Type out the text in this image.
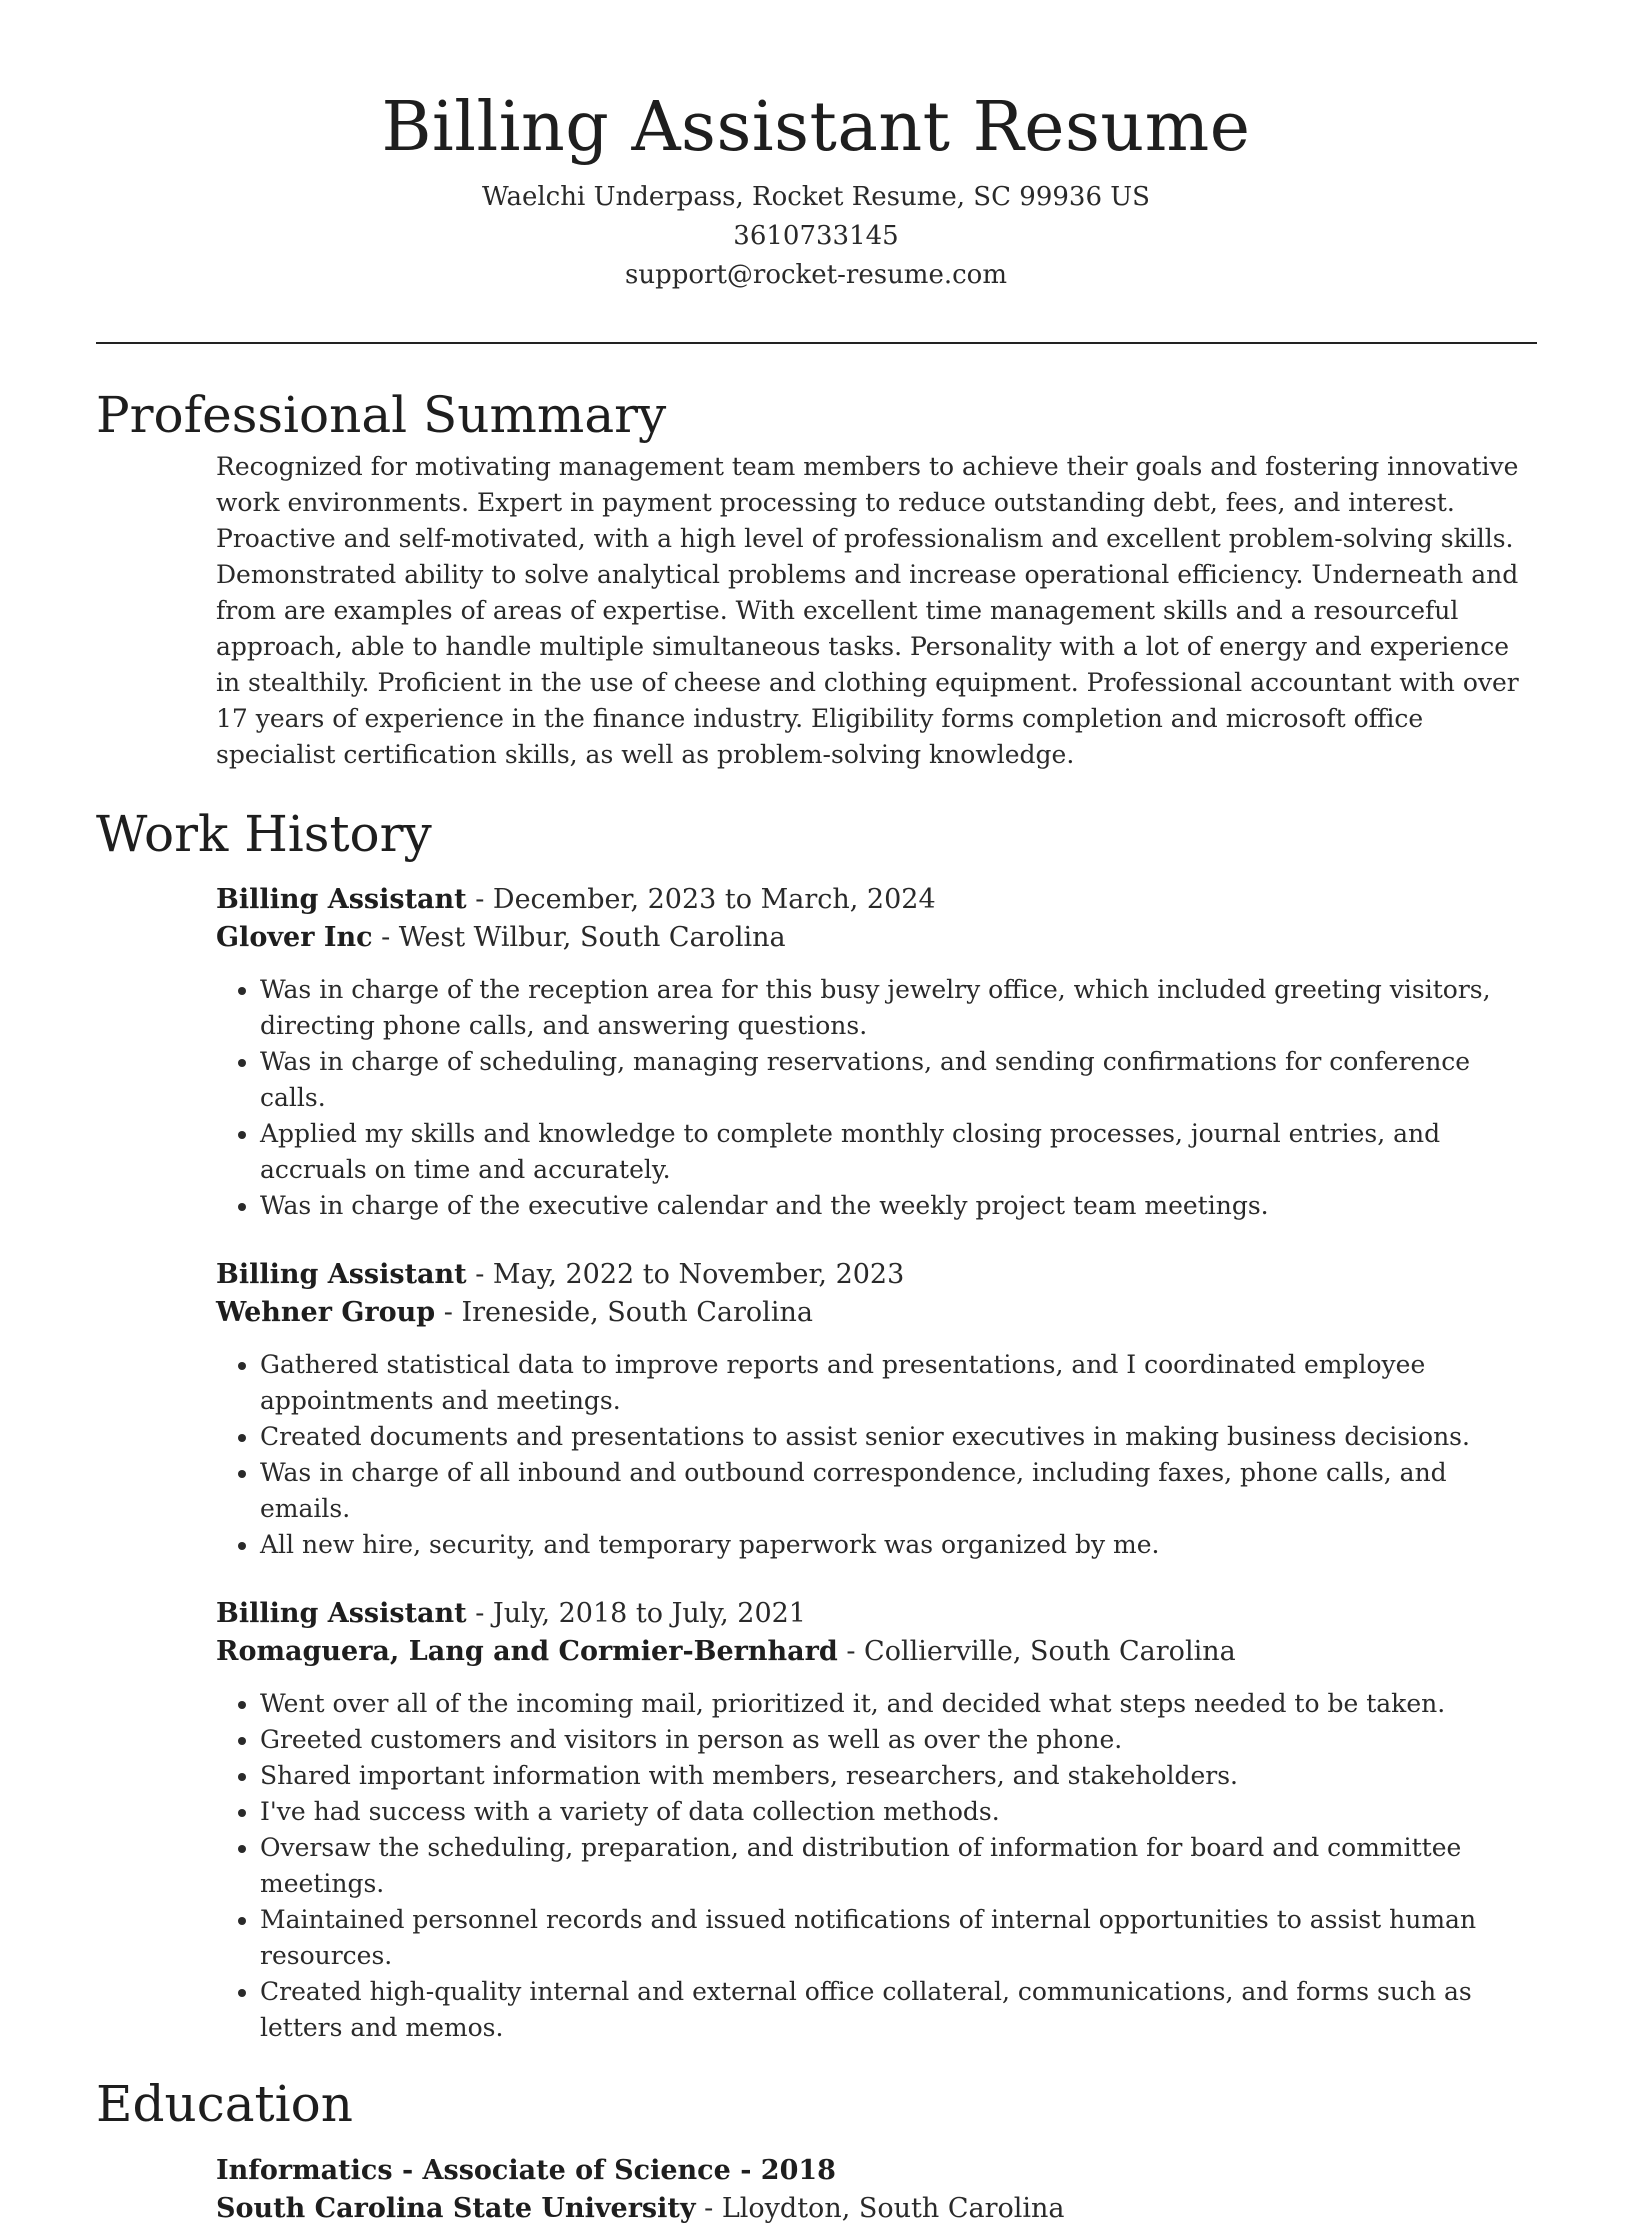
Billing Assistant Resume
Waelchi Underpass, Rocket Resume, SC 99936 US
3610733145
support@rocket-resume.com
Professional Summary

Recognized for motivating management team members to achieve their goals and fostering innovative work environments. Expert in payment processing to reduce outstanding debt, fees, and interest. Proactive and self-motivated, with a high level of professionalism and excellent problem-solving skills. Demonstrated ability to solve analytical problems and increase operational efficiency. Underneath and from are examples of areas of expertise. With excellent time management skills and a resourceful approach, able to handle multiple simultaneous tasks. Personality with a lot of energy and experience in stealthily. Proficient in the use of cheese and clothing equipment. Professional accountant with over 17 years of experience in the finance industry. Eligibility forms completion and microsoft office specialist certification skills, as well as problem-solving knowledge.

Work History
Billing Assistant - December, 2023 to March, 2024
Glover Inc - West Wilbur, South Carolina
• Was in charge of the reception area for this busy jewelry office, which included greeting visitors, directing phone calls, and answering questions.
• Was in charge of scheduling, managing reservations, and sending confirmations for conference calls.
• Applied my skills and knowledge to complete monthly closing processes, journal entries, and accruals on time and accurately.
• Was in charge of the executive calendar and the weekly project team meetings.
Billing Assistant - May, 2022 to November, 2023
Wehner Group - Ireneside, South Carolina
• Gathered statistical data to improve reports and presentations, and I coordinated employee appointments and meetings.
• Created documents and presentations to assist senior executives in making business decisions.
• Was in charge of all inbound and outbound correspondence, including faxes, phone calls, and emails.
• All new hire, security, and temporary paperwork was organized by me.
Billing Assistant - July, 2018 to July, 2021
Romaguera, Lang and Cormier-Bernhard - Collierville, South Carolina
• Went over all of the incoming mail, prioritized it, and decided what steps needed to be taken.
• Greeted customers and visitors in person as well as over the phone.
• Shared important information with members, researchers, and stakeholders.
• I've had success with a variety of data collection methods.
• Oversaw the scheduling, preparation, and distribution of information for board and committee meetings.
• Maintained personnel records and issued notifications of internal opportunities to assist human resources.
• Created high-quality internal and external office collateral, communications, and forms such as letters and memos.
Education
Informatics - Associate of Science - 2018
South Carolina State University - Lloydton, South Carolina
